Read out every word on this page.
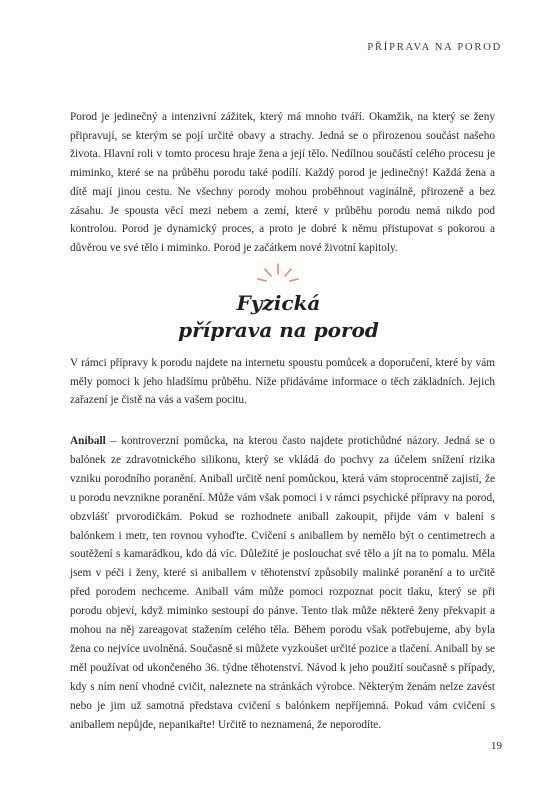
PŘÍPRAVA NA POROD

Porod je jedinečný a intenzivní zážitek, který má mnoho tváří. Okamžik, na který se ženy připravují, se kterým se pojí určité obavy a strachy. Jedná se o přirozenou součást našeho života. Hlavní roli v tomto procesu hraje žena a její tělo. Nedílnou součástí celého procesu je miminko, které se na průběhu porodu také podílí. Každý porod je jedinečný! Každá žena a dítě mají jinou cestu. Ne všechny porody mohou proběhnout vaginálně, přirozeně a bez zásahu. Je spousta věcí mezi nebem a zemí, které v průběhu porodu nemá nikdo pod kontrolou. Porod je dynamický proces, a proto je dobré k němu přistupovat s pokorou a důvěrou ve své tělo i miminko. Porod je začátkem nové životní kapitoly.

Fyzická
příprava na porod

V rámci přípravy k porodu najdete na internetu spoustu pomůcek a doporučení, které by vám měly pomoci k jeho hladšímu průběhu. Níže přidáváme informace o těch základních. Jejich zařazení je čistě na vás a vašem pocitu.

Aniball – kontroverzní pomůcka, na kterou často najdete protichůdné názory. Jedná se o balónek ze zdravotnického silikonu, který se vkládá do pochvy za účelem snížení rizika vzniku porodního poranění. Aniball určitě není pomůckou, která vám stoprocentně zajistí, že u porodu nevznikne poranění. Může vám však pomoci i v rámci psychické přípravy na porod, obzvlášť prvorodičkám. Pokud se rozhodnete aniball zakoupit, přijde vám v balení s balónkem i metr, ten rovnou vyhoďte. Cvičení s aniballem by nemělo být o centimetrech a soutěžení s kamarádkou, kdo dá víc. Důležité je poslouchat své tělo a jít na to pomalu. Měla jsem v péči i ženy, které si aniballem v těhotenství způsobily malinké poranění a to určitě před porodem nechceme. Aniball vám může pomoci rozpoznat pocit tlaku, který se při porodu objeví, když miminko sestoupí do pánve. Tento tlak může některé ženy překvapit a mohou na něj zareagovat stažením celého těla. Během porodu však potřebujeme, aby byla žena co nejvíce uvolněná. Současně si můžete vyzkoušet určité pozice a tlačení. Aniball by se měl používat od ukončeného 36. týdne těhotenství. Návod k jeho použití současně s případy, kdy s ním není vhodné cvičit, naleznete na stránkách výrobce. Některým ženám nelze zavést nebo je jim už samotná představa cvičení s balónkem nepříjemná. Pokud vám cvičení s aniballem nepůjde, nepanikařte! Určitě to neznamená, že neporodíte.

19
